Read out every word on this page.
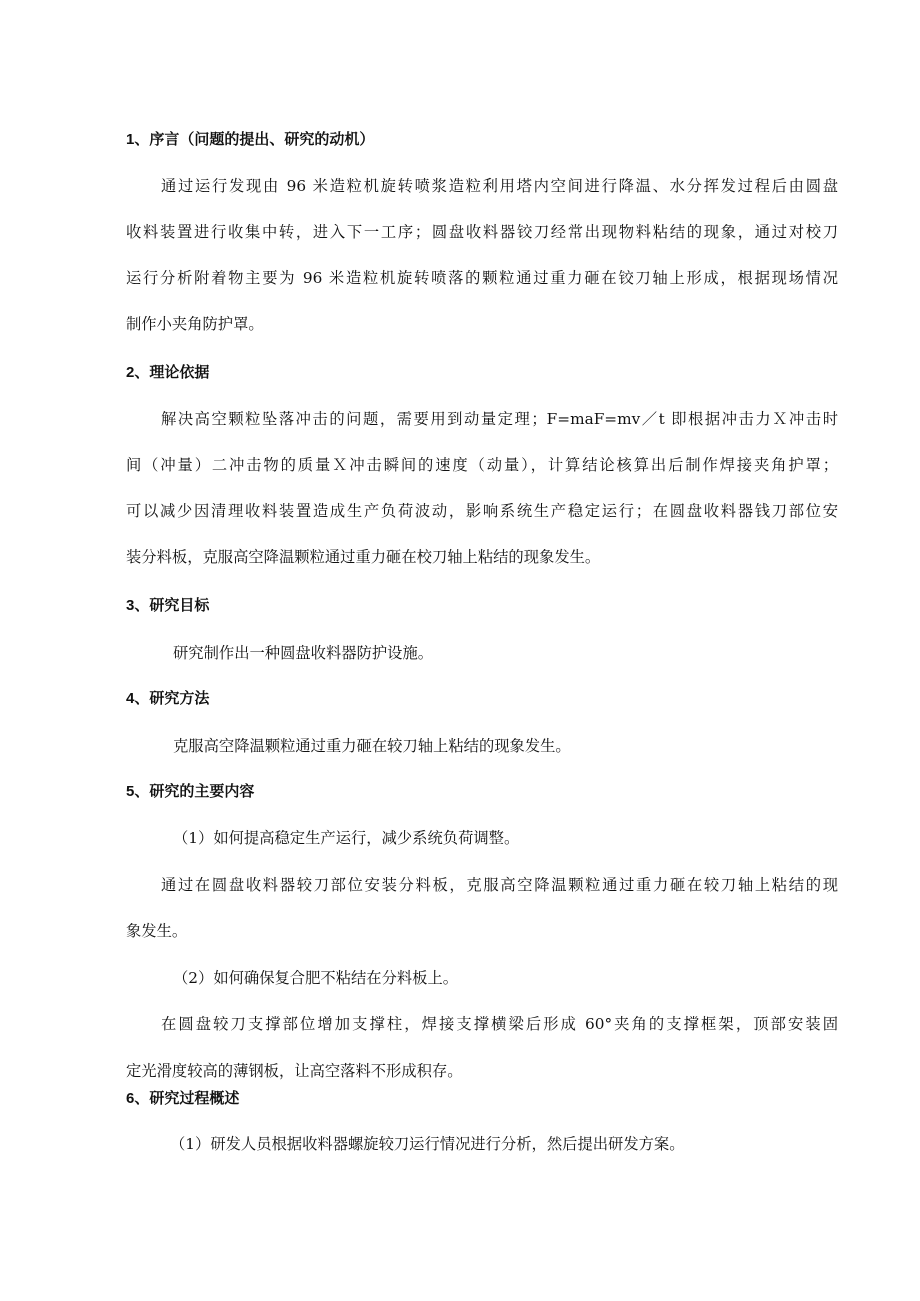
1、序言（问题的提出、研究的动机）
通过运行发现由 96 米造粒机旋转喷浆造粒利用塔内空间进行降温、水分挥发过程后由圆盘
收料装置进行收集中转，进入下一工序；圆盘收料器铰刀经常出现物料粘结的现象，通过对校刀
运行分析附着物主要为 96 米造粒机旋转喷落的颗粒通过重力砸在铰刀轴上形成，根据现场情况
制作小夹角防护罩。
2、理论依据
解决高空颗粒坠落冲击的问题，需要用到动量定理；F=maF=mv／t 即根据冲击力Ｘ冲击时
间（冲量）二冲击物的质量Ｘ冲击瞬间的速度（动量），计算结论核算出后制作焊接夹角护罩；
可以减少因清理收料装置造成生产负荷波动，影响系统生产稳定运行；在圆盘收料器钱刀部位安
装分料板，克服高空降温颗粒通过重力砸在校刀轴上粘结的现象发生。
3、研究目标
研究制作出一种圆盘收料器防护设施。
4、研究方法
克服高空降温颗粒通过重力砸在较刀轴上粘结的现象发生。
5、研究的主要内容
（1）如何提高稳定生产运行，减少系统负荷调整。
通过在圆盘收料器较刀部位安装分料板，克服高空降温颗粒通过重力砸在较刀轴上粘结的现
象发生。
（2）如何确保复合肥不粘结在分料板上。
在圆盘较刀支撑部位增加支撑柱，焊接支撑横梁后形成 60°夹角的支撑框架，顶部安装固
定光滑度较高的薄钢板，让高空落料不形成积存。
6、研究过程概述
（1）研发人员根据收料器螺旋较刀运行情况进行分析，然后提出研发方案。
